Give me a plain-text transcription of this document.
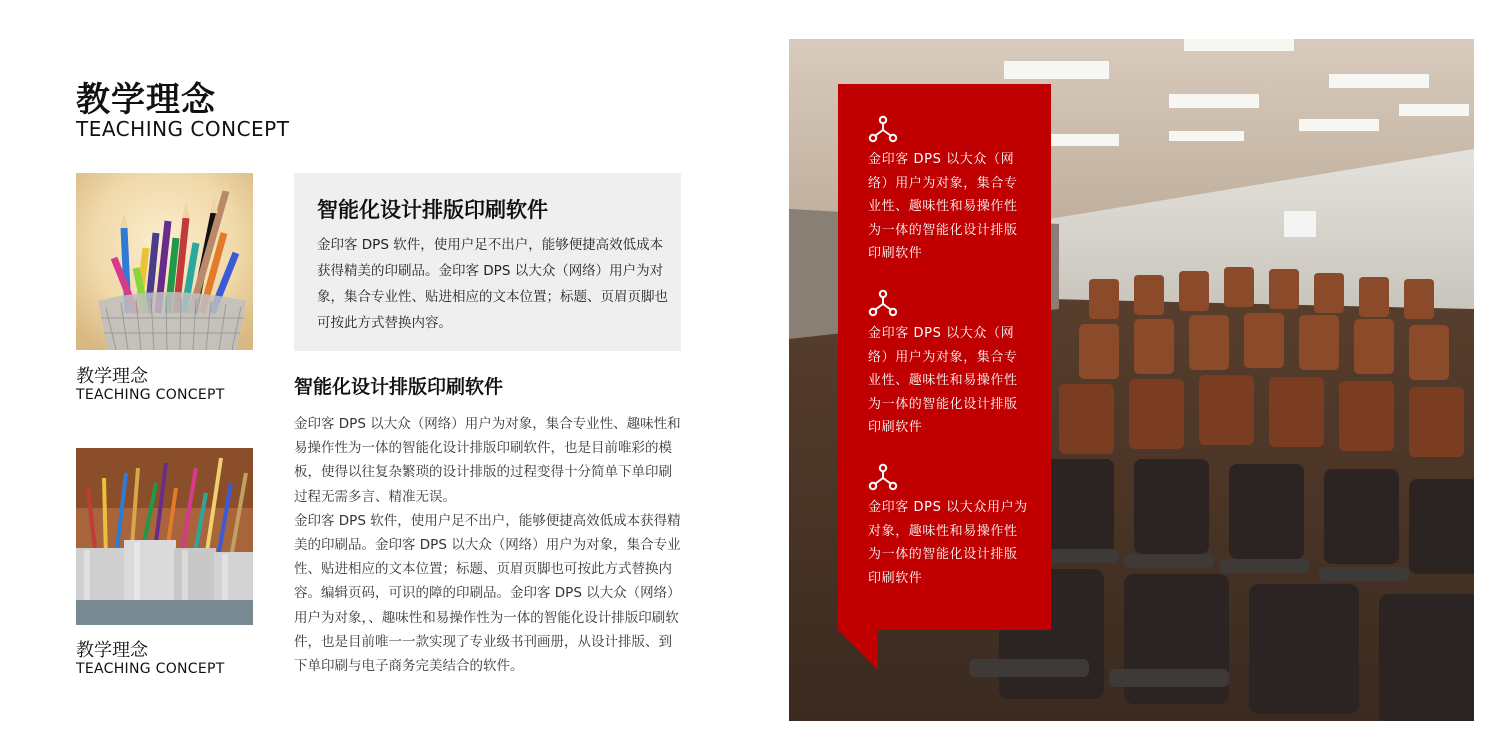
教学理念
TEACHING CONCEPT
教学理念
TEACHING CONCEPT
教学理念
TEACHING CONCEPT
智能化设计排版印刷软件

金印客 DPS 软件，使用户足不出户，能够便捷高效低成本获得精美的印刷品。金印客 DPS 以大众（网络）用户为对象，集合专业性、贴进相应的文本位置；标题、页眉页脚也可按此方式替换内容。

智能化设计排版印刷软件

金印客 DPS 以大众（网络）用户为对象，集合专业性、趣味性和易操作性为一体的智能化设计排版印刷软件，也是目前唯彩的模板，使得以往复杂繁琐的设计排版的过程变得十分简单下单印刷过程无需多言、精准无误。

金印客 DPS 软件，使用户足不出户，能够便捷高效低成本获得精美的印刷品。金印客 DPS 以大众（网络）用户为对象，集合专业性、贴进相应的文本位置；标题、页眉页脚也可按此方式替换内容。编辑页码，可识的障的印刷品。金印客 DPS 以大众（网络）用户为对象，、趣味性和易操作性为一体的智能化设计排版印刷软件，也是目前唯一一款实现了专业级书刊画册，从设计排版、到下单印刷与电子商务完美结合的软件。

金印客 DPS 以大众（网络）用户为对象，集合专业性、趣味性和易操作性为一体的智能化设计排版印刷软件
金印客 DPS 以大众（网络）用户为对象，集合专业性、趣味性和易操作性为一体的智能化设计排版印刷软件
金印客 DPS 以大众用户为对象，趣味性和易操作性为一体的智能化设计排版印刷软件
